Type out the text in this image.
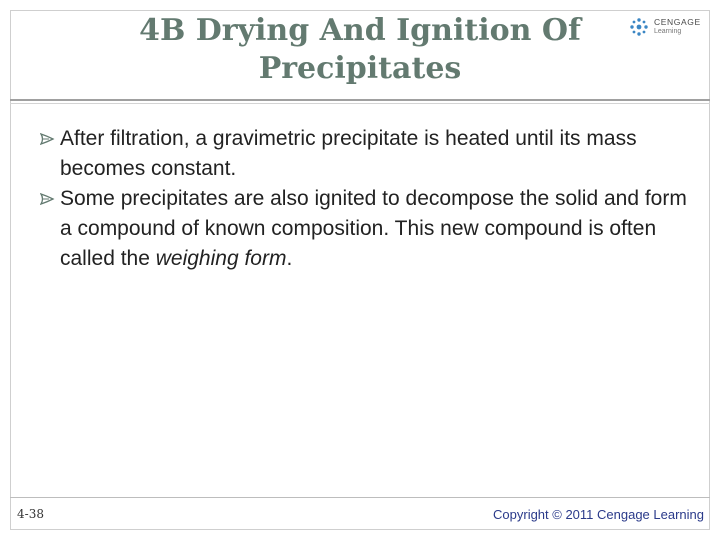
4B Drying And Ignition Of Precipitates
CENGAGE
Learning
After filtration, a gravimetric precipitate is heated until its mass becomes constant.
Some precipitates are also ignited to decompose the solid and form a compound of known composition. This new compound is often called the weighing form.
4-38	Copyright © 2011 Cengage Learning
